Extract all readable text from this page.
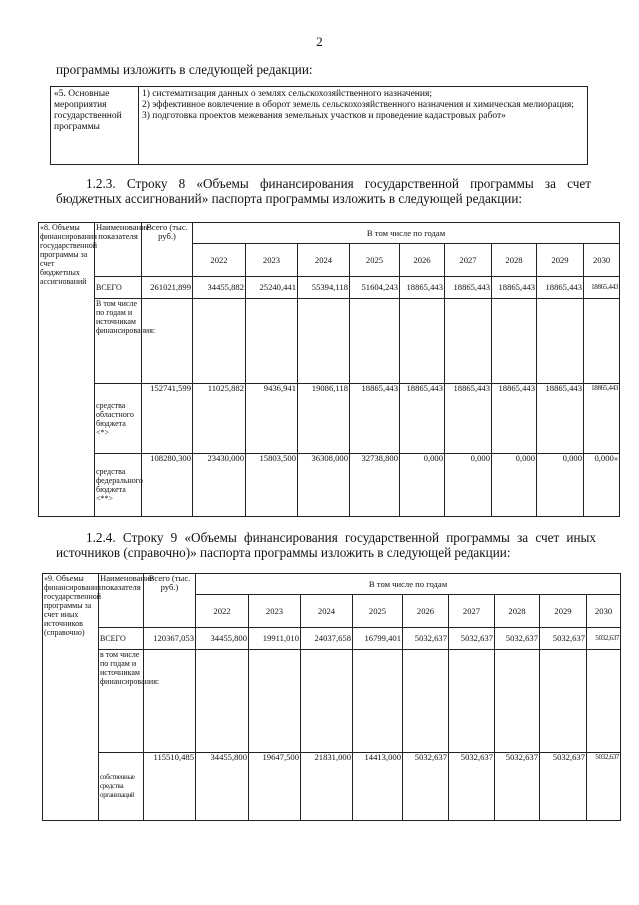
2
программы изложить в следующей редакции:
«5. Основные мероприятия государственной программы	
1) систематизация данных о землях сельскохозяйственного назначения;
2) эффективное вовлечение в оборот земель сельскохозяйственного назначения и химическая мелиорация;
3) подготовка проектов межевания земельных участков и проведение кадастровых работ»
1.2.3. Строку 8 «Объемы финансирования государственной программы за счет бюджетных ассигнований» паспорта программы изложить в следующей редакции:
«8. Объемы финансирования государственной программы за счет бюджетных ассигнований	Наименование показателя	Всего (тыс. руб.)	В том числе по годам								
			2022	2023	2024	2025	2026	2027	2028	2029	2030
	ВСЕГО	261021,899	34455,882	25240,441	55394,118	51604,243	18865,443	18865,443	18865,443	18865,443	18865,443
	В том числе по годам и источникам финансирования:										
	средства областного бюджета <*>	152741,599	11025,882	9436,941	19086,118	18865,443	18865,443	18865,443	18865,443	18865,443	18865,443
	средства федерального бюджета <**>	108280,300	23430,000	15803,500	36308,000	32738,800	0,000	0,000	0,000	0,000	0,000»
1.2.4. Строку 9 «Объемы финансирования государственной программы за счет иных источников (справочно)» паспорта программы изложить в следующей редакции:
«9. Объемы финансирования государственной программы за счет иных источников (справочно)	Наименование показателя	Всего (тыс. руб.)	В том числе по годам								
			2022	2023	2024	2025	2026	2027	2028	2029	2030
	ВСЕГО	120367,053	34455,800	19911,010	24037,658	16799,401	5032,637	5032,637	5032,637	5032,637	5032,637
	в том числе по годам и источникам финансирования:										
	собственные средства организаций	115510,485	34455,800	19647,500	21831,000	14413,000	5032,637	5032,637	5032,637	5032,637	5032,637
